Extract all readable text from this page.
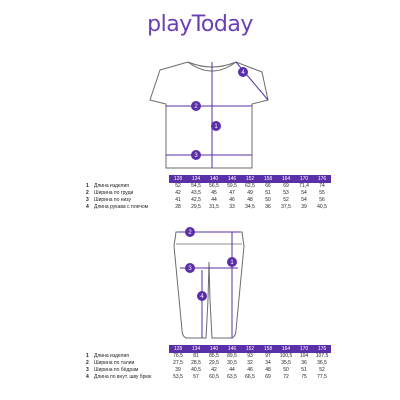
playToday
2
1
3
4
		128	134	140	146	152	158	164	170	176
1	Длина изделия	52	54,5	56,5	59,5	62,5	66	69	71,4	74
2	Ширина по груди	42	43,5	45	47	49	51	53	54	55
3	Ширина по низу	41	42,5	44	46	48	50	52	54	56
4	Длина рукава с плечом	28	29,5	31,5	33	34,5	36	37,5	39	40,5
2
3
1
4
		128	134	140	146	152	158	164	170	176
1	Длина изделия	76,5	81	85,5	89,5	93	97	100,5	104	107,5
2	Ширина по талии	27,5	28,5	29,5	30,5	32	34	35,5	36	36,5
3	Ширина по бёдрам	39	40,5	42	44	46	48	50	51	52
4	Длина по внут. шву брюк	53,5	57	60,5	63,5	66,5	69	72	75	77,5
